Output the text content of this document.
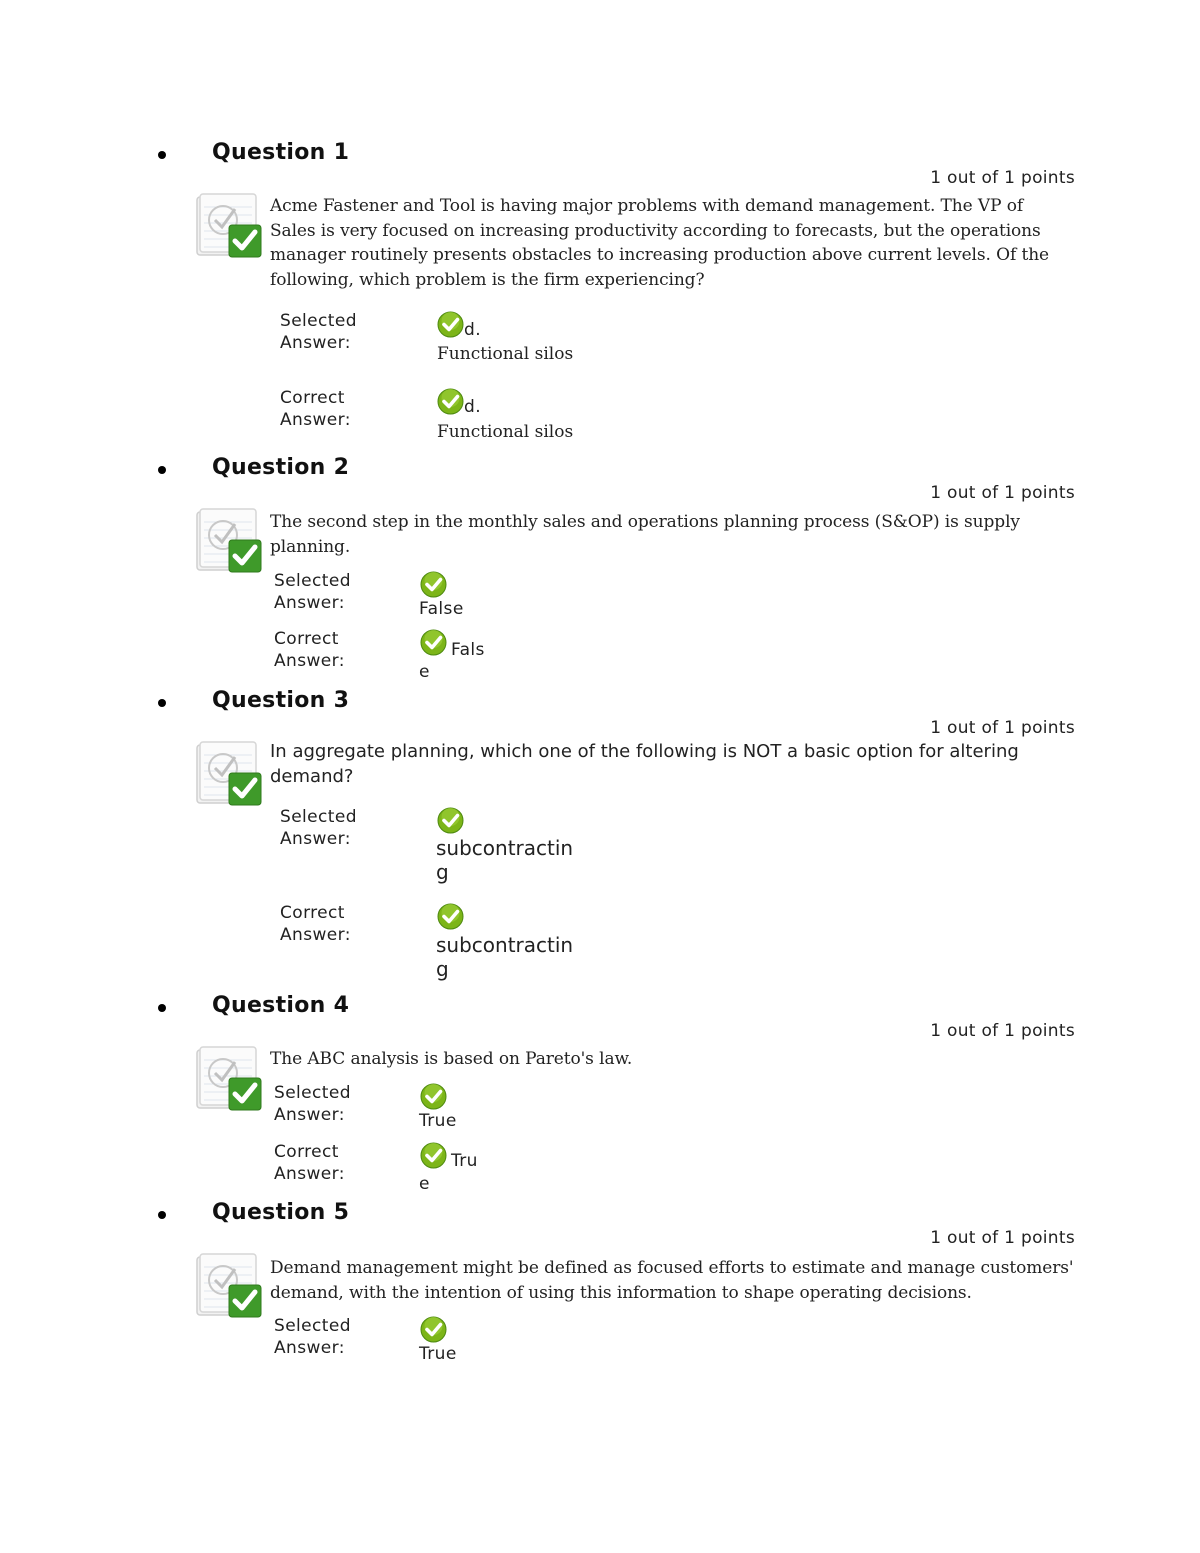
Question 1
1 out of 1 points
Acme Fastener and Tool is having major problems with demand management. The VP of Sales is very focused on increasing productivity according to forecasts, but the operations manager routinely presents obstacles to increasing production above current levels. Of the following, which problem is the firm experiencing?
Selected
Answer:
d.
Functional silos
Correct
Answer:
d.
Functional silos
Question 2
1 out of 1 points
The second step in the monthly sales and operations planning process (S&OP) is supply planning.
Selected
Answer:	False
Correct
Answer:
Fals
e
Question 3
1 out of 1 points
In aggregate planning, which one of the following is NOT a basic option for altering demand?
Selected
Answer:	subcontractin
g
Correct
Answer:	subcontractin
g
Question 4
1 out of 1 points
The ABC analysis is based on Pareto's law.
Selected
Answer:	True
Correct
Answer:
Tru
e
Question 5
1 out of 1 points
Demand management might be defined as focused efforts to estimate and manage customers' demand, with the intention of using this information to shape operating decisions.
Selected
Answer:	True
